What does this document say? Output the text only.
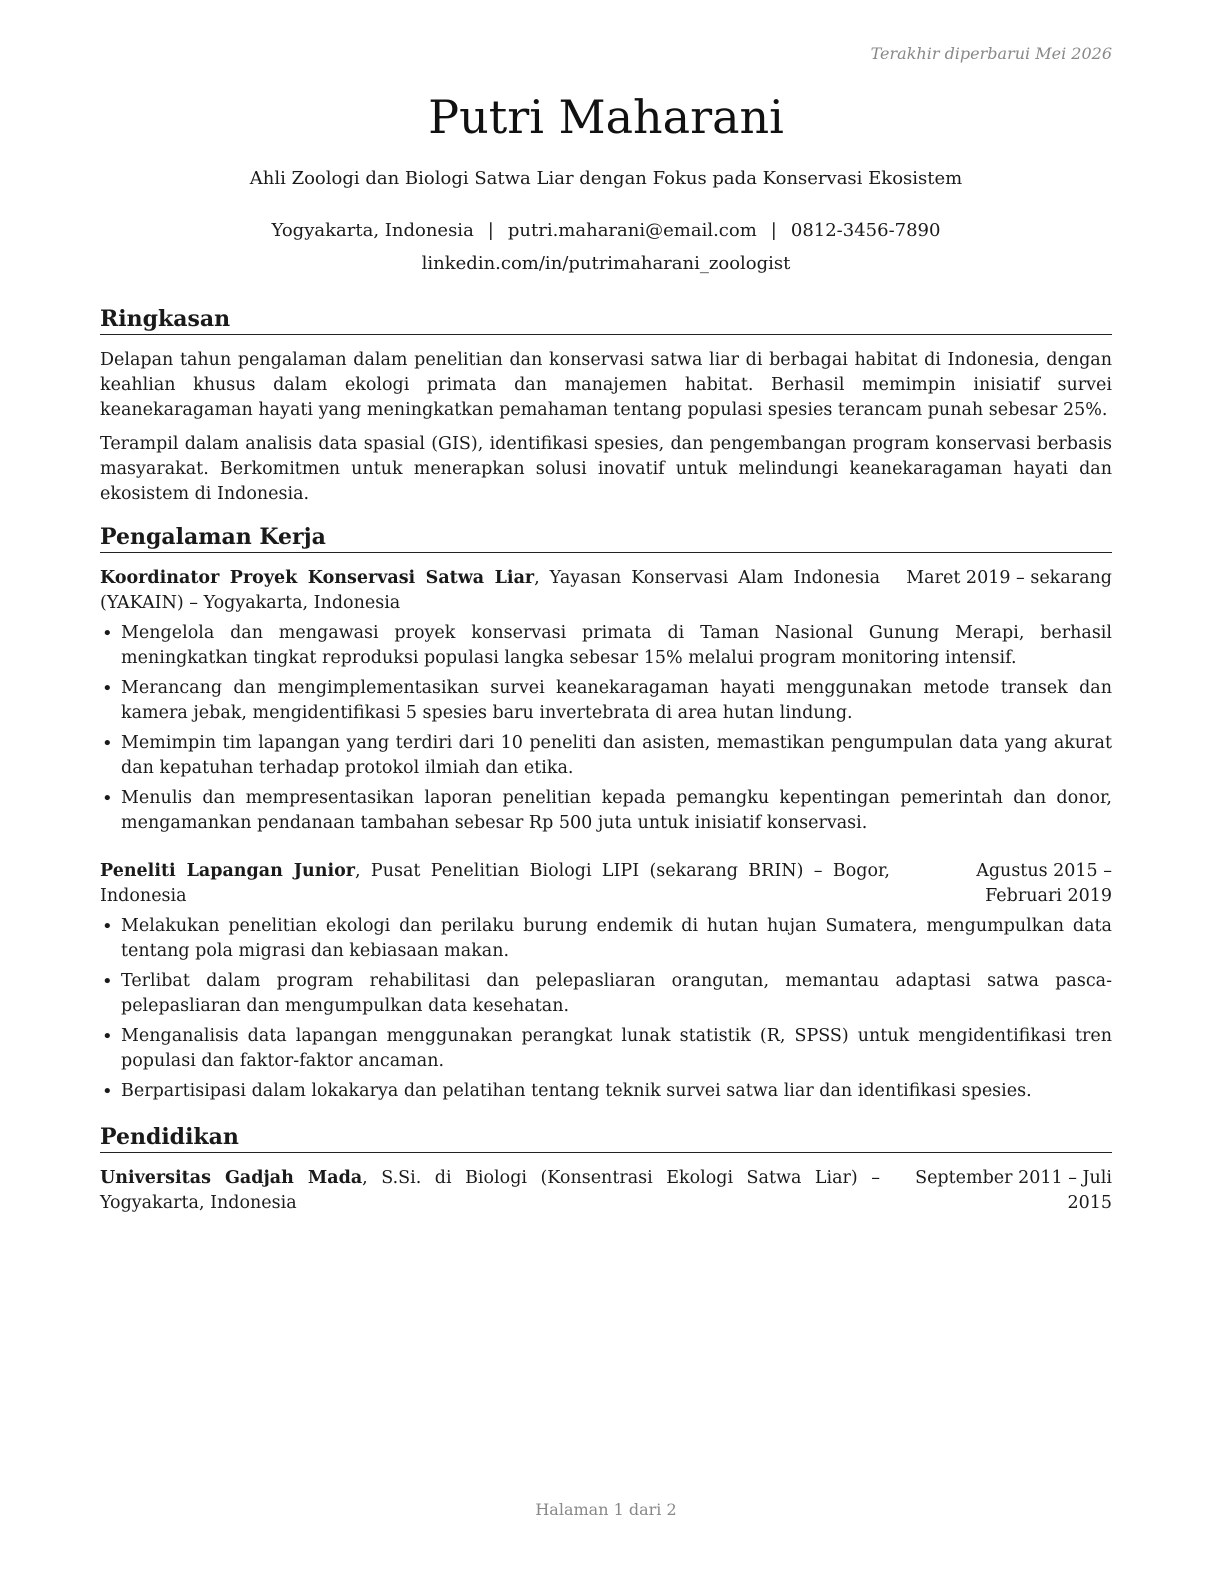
Terakhir diperbarui Mei 2026
Putri Maharani
Ahli Zoologi dan Biologi Satwa Liar dengan Fokus pada Konservasi Ekosistem
Yogyakarta, Indonesia | putri.maharani@email.com | 0812-3456-7890
linkedin.com/in/putrimaharani_zoologist
Ringkasan

Delapan tahun pengalaman dalam penelitian dan konservasi satwa liar di berbagai habitat di Indonesia, dengan keahlian khusus dalam ekologi primata dan manajemen habitat. Berhasil memimpin inisiatif survei keanekaragaman hayati yang meningkatkan pemahaman tentang populasi spesies terancam punah sebesar 25%.

Terampil dalam analisis data spasial (GIS), identifikasi spesies, dan pengembangan program konservasi berbasis masyarakat. Berkomitmen untuk menerapkan solusi inovatif untuk melindungi keanekaragaman hayati dan ekosistem di Indonesia.

Pengalaman Kerja
Koordinator Proyek Konservasi Satwa Liar, Yayasan Konservasi Alam Indonesia (YAKAIN) – Yogyakarta, Indonesia
Maret 2019 – sekarang
• Mengelola dan mengawasi proyek konservasi primata di Taman Nasional Gunung Merapi, berhasil meningkatkan tingkat reproduksi populasi langka sebesar 15% melalui program monitoring intensif.
• Merancang dan mengimplementasikan survei keanekaragaman hayati menggunakan metode transek dan kamera jebak, mengidentifikasi 5 spesies baru invertebrata di area hutan lindung.
• Memimpin tim lapangan yang terdiri dari 10 peneliti dan asisten, memastikan pengumpulan data yang akurat dan kepatuhan terhadap protokol ilmiah dan etika.
• Menulis dan mempresentasikan laporan penelitian kepada pemangku kepentingan pemerintah dan donor, mengamankan pendanaan tambahan sebesar Rp 500 juta untuk inisiatif konservasi.
Peneliti Lapangan Junior, Pusat Penelitian Biologi LIPI (sekarang BRIN) – Bogor, Indonesia
Agustus 2015 – Februari 2019
• Melakukan penelitian ekologi dan perilaku burung endemik di hutan hujan Sumatera, mengumpulkan data tentang pola migrasi dan kebiasaan makan.
• Terlibat dalam program rehabilitasi dan pelepasliaran orangutan, memantau adaptasi satwa pasca-pelepasliaran dan mengumpulkan data kesehatan.
• Menganalisis data lapangan menggunakan perangkat lunak statistik (R, SPSS) untuk mengidentifikasi tren populasi dan faktor-faktor ancaman.
• Berpartisipasi dalam lokakarya dan pelatihan tentang teknik survei satwa liar dan identifikasi spesies.
Pendidikan
Universitas Gadjah Mada, S.Si. di Biologi (Konsentrasi Ekologi Satwa Liar) – Yogyakarta, Indonesia
September 2011 – Juli 2015
Halaman 1 dari 2
